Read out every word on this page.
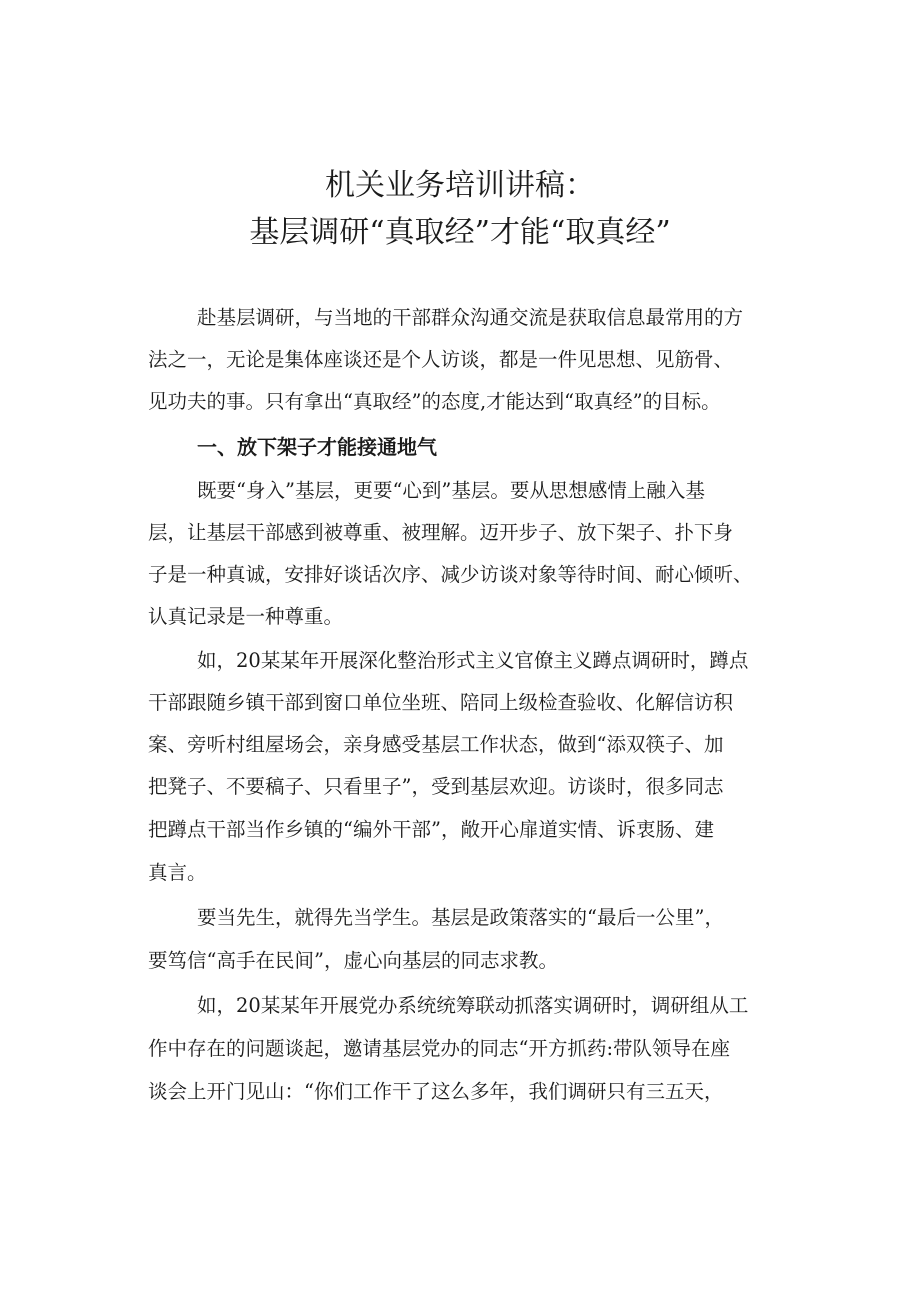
机关业务培训讲稿：
基层调研“真取经”才能“取真经”
赴基层调研，与当地的干部群众沟通交流是获取信息最常用的方
法之一，无论是集体座谈还是个人访谈，都是一件见思想、见筋骨、
见功夫的事。只有拿出“真取经”的态度,才能达到“取真经”的目标。
一、放下架子才能接通地气
既要“身入”基层，更要“心到”基层。要从思想感情上融入基
层，让基层干部感到被尊重、被理解。迈开步子、放下架子、扑下身
子是一种真诚，安排好谈话次序、减少访谈对象等待时间、耐心倾听、
认真记录是一种尊重。
如，20某某年开展深化整治形式主义官僚主义蹲点调研时，蹲点
干部跟随乡镇干部到窗口单位坐班、陪同上级检查验收、化解信访积
案、旁听村组屋场会，亲身感受基层工作状态，做到“添双筷子、加
把凳子、不要稿子、只看里子”，受到基层欢迎。访谈时，很多同志
把蹲点干部当作乡镇的“编外干部”，敞开心扉道实情、诉衷肠、建
真言。
要当先生，就得先当学生。基层是政策落实的“最后一公里”，
要笃信“高手在民间”，虚心向基层的同志求教。
如，20某某年开展党办系统统筹联动抓落实调研时，调研组从工
作中存在的问题谈起，邀请基层党办的同志“开方抓药:带队领导在座
谈会上开门见山：“你们工作干了这么多年，我们调研只有三五天，
